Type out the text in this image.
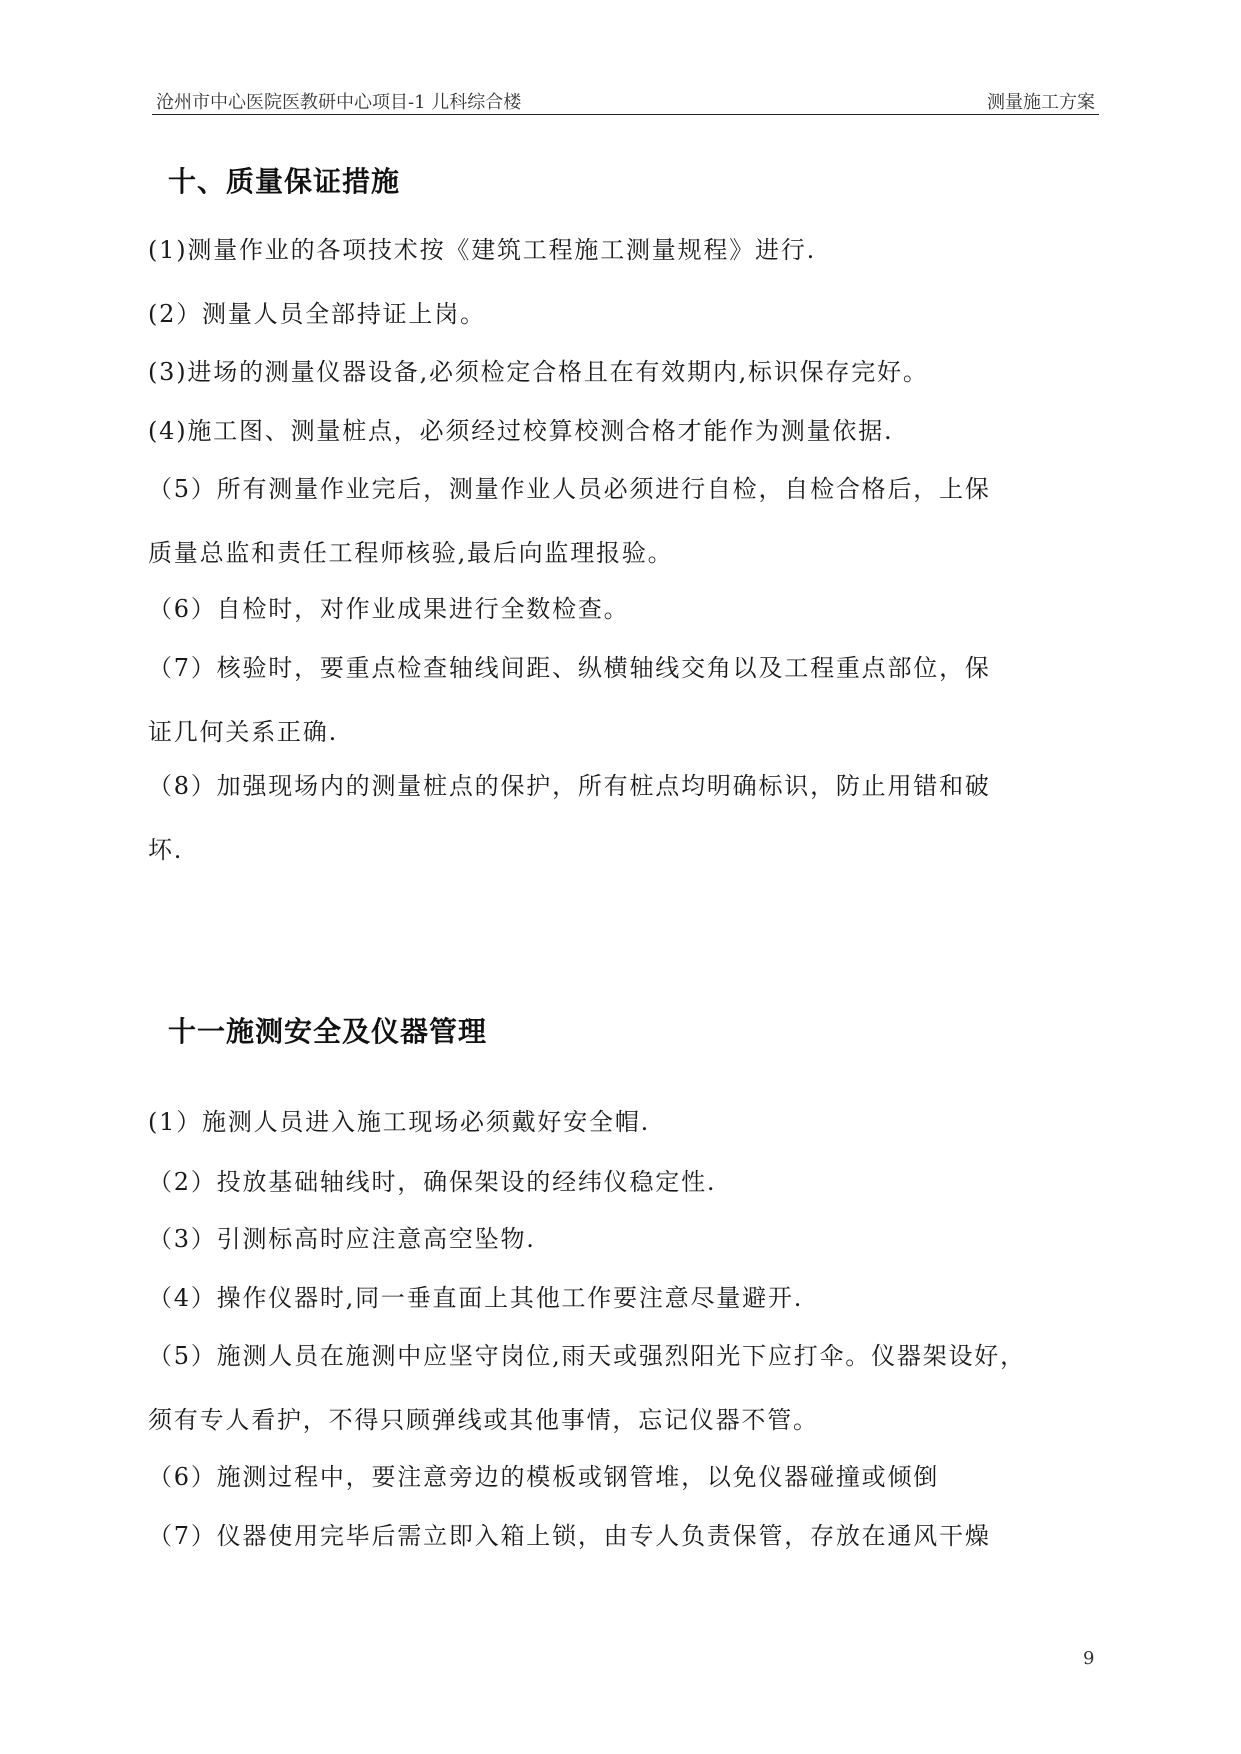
沧州市中心医院医教研中心项目-1 儿科综合楼	测量施工方案
十、质量保证措施
(1)测量作业的各项技术按《建筑工程施工测量规程》进行.
(2）测量人员全部持证上岗。
(3)进场的测量仪器设备,必须检定合格且在有效期内,标识保存完好。
(4)施工图、测量桩点，必须经过校算校测合格才能作为测量依据.
（5）所有测量作业完后，测量作业人员必须进行自检，自检合格后，上保
质量总监和责任工程师核验,最后向监理报验。
（6）自检时，对作业成果进行全数检查。
（7）核验时，要重点检查轴线间距、纵横轴线交角以及工程重点部位，保
证几何关系正确.
（8）加强现场内的测量桩点的保护，所有桩点均明确标识，防止用错和破
坏.
十一施测安全及仪器管理
(1）施测人员进入施工现场必须戴好安全帽.
（2）投放基础轴线时，确保架设的经纬仪稳定性.
（3）引测标高时应注意高空坠物.
（4）操作仪器时,同一垂直面上其他工作要注意尽量避开.
（5）施测人员在施测中应坚守岗位,雨天或强烈阳光下应打伞。仪器架设好，
须有专人看护，不得只顾弹线或其他事情，忘记仪器不管。
（6）施测过程中，要注意旁边的模板或钢管堆，以免仪器碰撞或倾倒
（7）仪器使用完毕后需立即入箱上锁，由专人负责保管，存放在通风干燥
9
